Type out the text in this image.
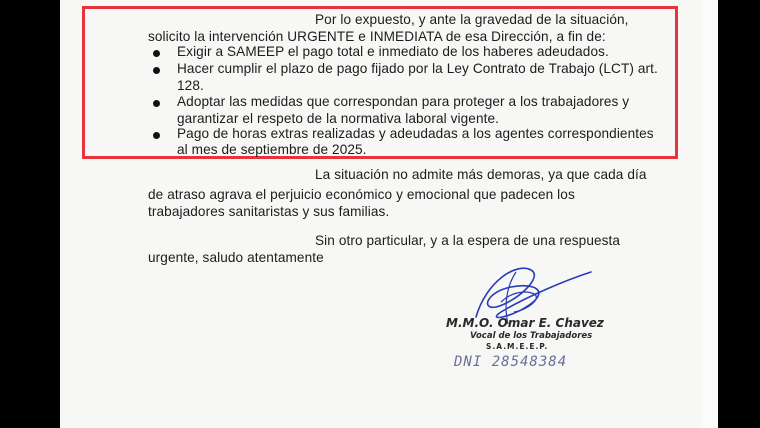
Por lo expuesto, y ante la gravedad de la situación,
solicito la intervención URGENTE e INMEDIATA de esa Dirección, a fin de:
Exigir a SAMEEP el pago total e inmediato de los haberes adeudados.
Hacer cumplir el plazo de pago fijado por la Ley Contrato de Trabajo (LCT) art.
128.
Adoptar las medidas que correspondan para proteger a los trabajadores y
garantizar el respeto de la normativa laboral vigente.
Pago de horas extras realizadas y adeudadas a los agentes correspondientes
al mes de septiembre de 2025.
La situación no admite más demoras, ya que cada día
de atraso agrava el perjuicio económico y emocional que padecen los
trabajadores sanitaristas y sus familias.
Sin otro particular, y a la espera de una respuesta
urgente, saludo atentamente
M.M.O. Omar E. Chavez
Vocal de los Trabajadores
S.A.M.E.E.P.
DNI 28548384
